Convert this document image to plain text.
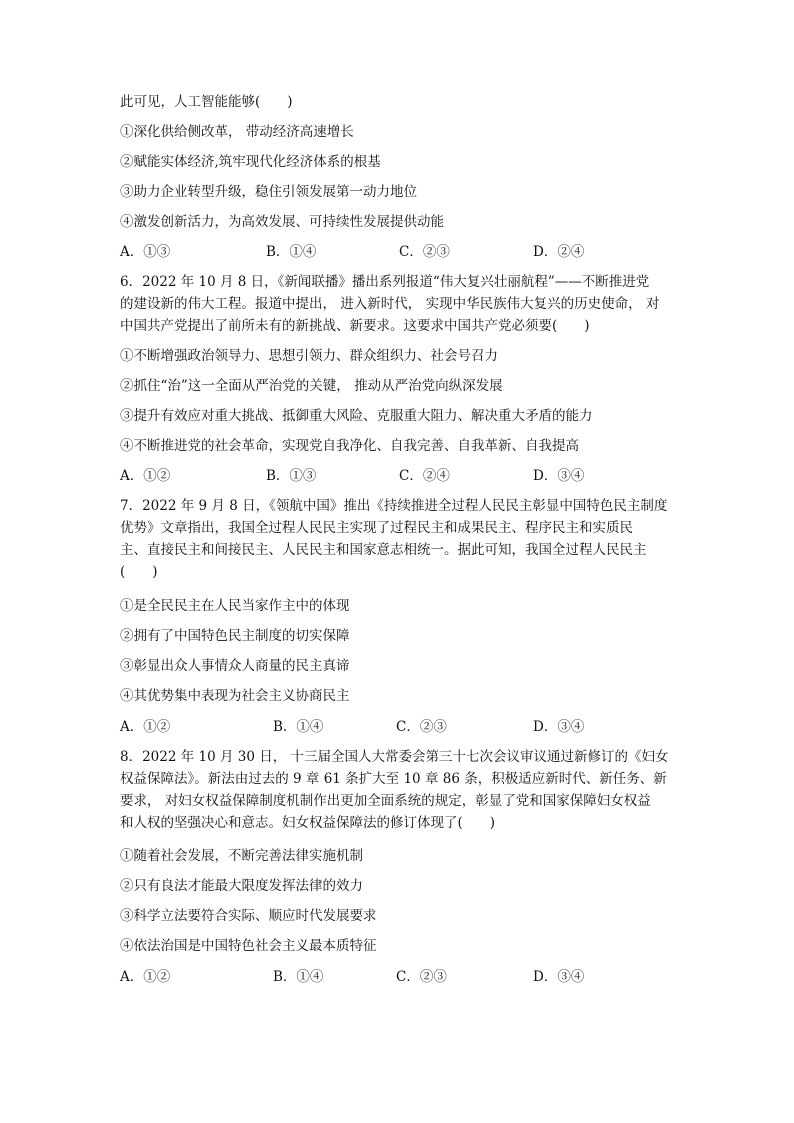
此可见，人工智能能够(　　)
①深化供给侧改革， 带动经济高速增长
②赋能实体经济,筑牢现代化经济体系的根基
③助力企业转型升级，稳住引领发展第一动力地位
④激发创新活力，为高效发展、可持续性发展提供动能
A．①③	B．①④	C．②③	D．②④
6．2022 年 10 月 8 日，《新闻联播》播出系列报道“伟大复兴壮丽航程”——不断推进党
的建设新的伟大工程。报道中提出， 进入新时代， 实现中华民族伟大复兴的历史使命， 对
中国共产党提出了前所未有的新挑战、新要求。这要求中国共产党必须要(　　)
①不断增强政治领导力、思想引领力、群众组织力、社会号召力
②抓住“治”这一全面从严治党的关键， 推动从严治党向纵深发展
③提升有效应对重大挑战、抵御重大风险、克服重大阻力、解决重大矛盾的能力
④不断推进党的社会革命，实现党自我净化、自我完善、自我革新、自我提高
A．①②	B．①③	C．②④	D．③④
7．2022 年 9 月 8 日，《领航中国》推出《持续推进全过程人民民主彰显中国特色民主制度
优势》文章指出，我国全过程人民民主实现了过程民主和成果民主、程序民主和实质民
主、直接民主和间接民主、人民民主和国家意志相统一。据此可知，我国全过程人民民主
(　　)
①是全民民主在人民当家作主中的体现
②拥有了中国特色民主制度的切实保障
③彰显出众人事情众人商量的民主真谛
④其优势集中表现为社会主义协商民主
A．①②	B．①④	C．②③	D．③④
8．2022 年 10 月 30 日， 十三届全国人大常委会第三十七次会议审议通过新修订的《妇女
权益保障法》。新法由过去的 9 章 61 条扩大至 10 章 86 条，积极适应新时代、新任务、新
要求， 对妇女权益保障制度机制作出更加全面系统的规定，彰显了党和国家保障妇女权益
和人权的坚强决心和意志。妇女权益保障法的修订体现了(　　)
①随着社会发展，不断完善法律实施机制
②只有良法才能最大限度发挥法律的效力
③科学立法要符合实际、顺应时代发展要求
④依法治国是中国特色社会主义最本质特征
A．①②	B．①④	C．②③	D．③④
